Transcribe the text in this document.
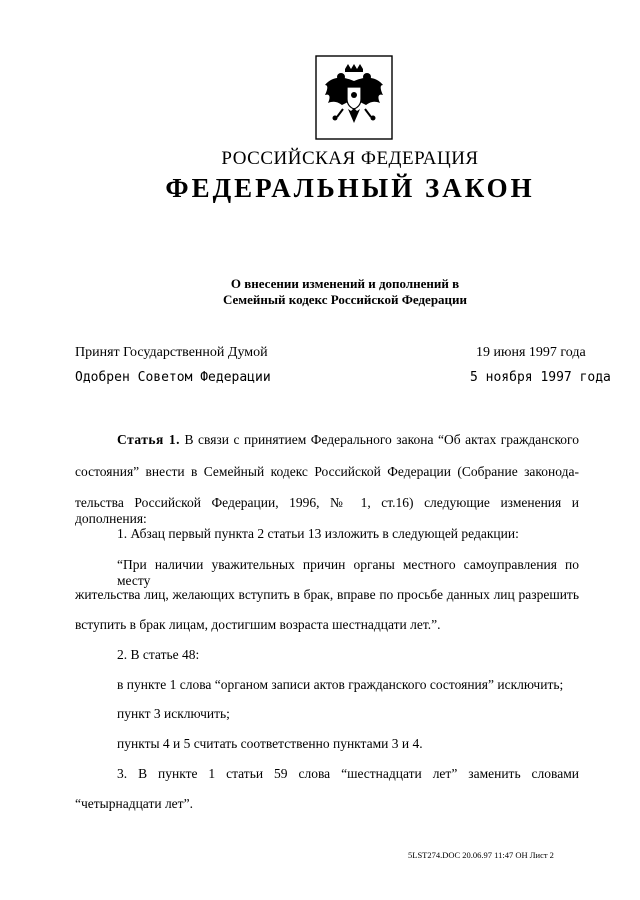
РОССИЙСКАЯ ФЕДЕРАЦИЯ
ФЕДЕРАЛЬНЫЙ ЗАКОН
О внесении изменений и дополнений в
Семейный кодекс Российской Федерации
Принят Государственной Думой	19 июня 1997 года
Одобрен Советом Федерации	5 ноября 1997 года
Статья 1. В связи с принятием Федерального закона “Об актах гражданского
состояния” внести в Семейный кодекс Российской Федерации (Собрание законода-
тельства Российской Федерации, 1996, № 1, ст.16) следующие изменения и дополнения:
1. Абзац первый пункта 2 статьи 13 изложить в следующей редакции:
“При наличии уважительных причин органы местного самоуправления по месту
жительства лиц, желающих вступить в брак, вправе по просьбе данных лиц разрешить
вступить в брак лицам, достигшим возраста шестнадцати лет.”.
2. В статье 48:
в пункте 1 слова “органом записи актов гражданского состояния” исключить;
пункт 3 исключить;
пункты 4 и 5 считать соответственно пунктами 3 и 4.
3. В пункте 1 статьи 59 слова “шестнадцати лет” заменить словами
“четырнадцати лет”.
5LST274.DOC 20.06.97 11:47 ОН Лист 2
